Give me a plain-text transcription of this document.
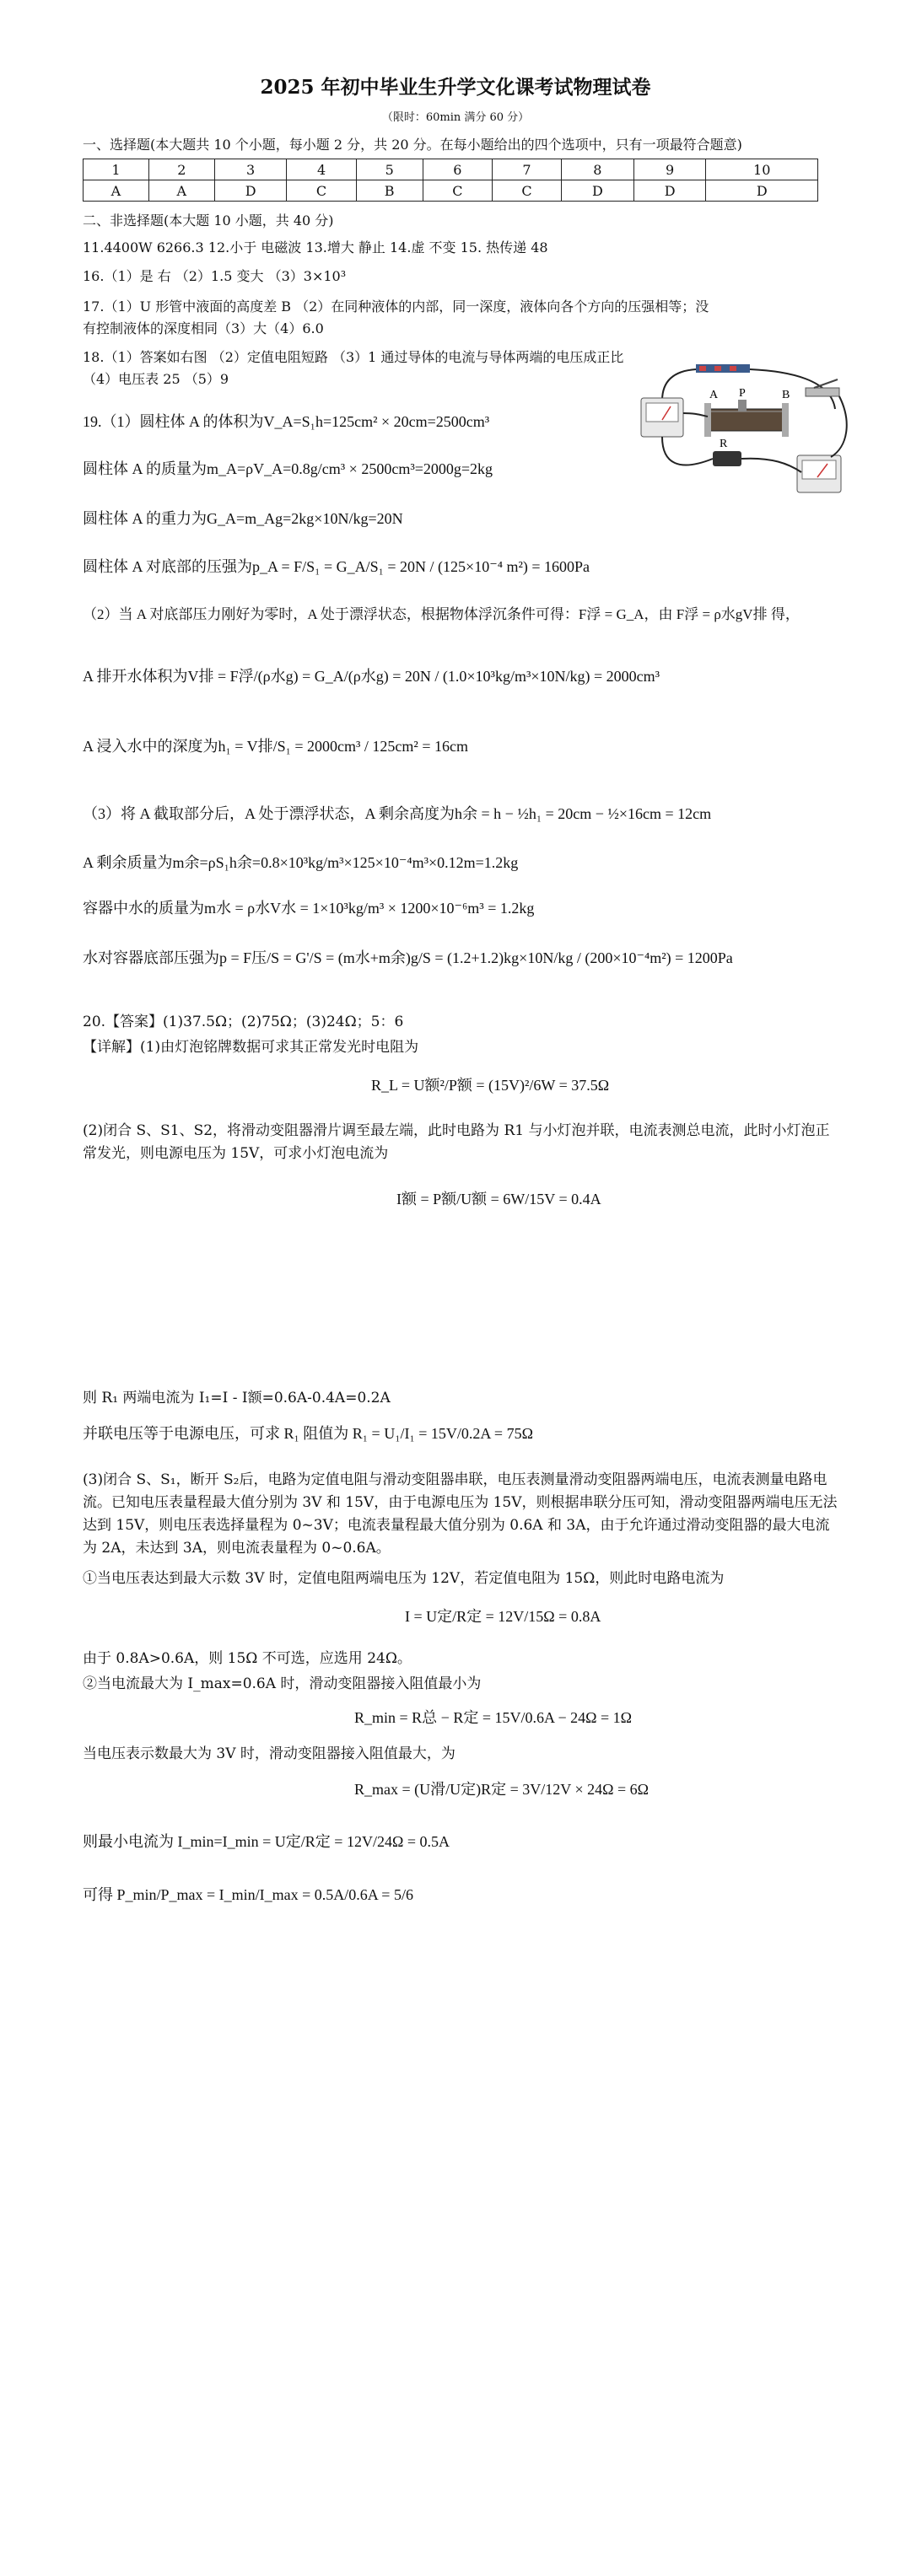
2025 年初中毕业生升学文化课考试物理试卷
（限时：60min 满分 60 分）
一、选择题(本大题共 10 个小题，每小题 2 分，共 20 分。在每小题给出的四个选项中，只有一项最符合题意)
1	2	3	4	5	6	7	8	9	10
A	A	D	C	B	C	C	D	D	D
二、非选择题(本大题 10 小题，共 40 分)
11.4400W 6266.3 12.小于 电磁波 13.增大 静止 14.虚 不变 15. 热传递 48
16.（1）是 右 （2）1.5 变大 （3）3×10³
17.（1）U 形管中液面的高度差 B （2）在同种液体的内部，同一深度，液体向各个方向的压强相等；没
有控制液体的深度相同（3）大（4）6.0
18.（1）答案如右图 （2）定值电阻短路 （3）1 通过导体的电流与导体两端的电压成正比
（4）电压表 25 （5）9
A P	B
R
19.（1）圆柱体 A 的体积为V_A=S₁h=125cm² × 20cm=2500cm³
圆柱体 A 的质量为m_A=ρV_A=0.8g/cm³ × 2500cm³=2000g=2kg
圆柱体 A 的重力为G_A=m_Ag=2kg×10N/kg=20N
圆柱体 A 对底部的压强为p_A = F/S₁ = G_A/S₁ = 20N / (125×10⁻⁴ m²) = 1600Pa
（2）当 A 对底部压力刚好为零时，A 处于漂浮状态，根据物体浮沉条件可得：F浮 = G_A，由 F浮 = ρ水gV排 得，
A 排开水体积为V排 = F浮/(ρ水g) = G_A/(ρ水g) = 20N / (1.0×10³kg/m³×10N/kg) = 2000cm³
A 浸入水中的深度为h₁ = V排/S₁ = 2000cm³ / 125cm² = 16cm
（3）将 A 截取部分后，A 处于漂浮状态，A 剩余高度为h余 = h − ½h₁ = 20cm − ½×16cm = 12cm
A 剩余质量为m余=ρS₁h余=0.8×10³kg/m³×125×10⁻⁴m³×0.12m=1.2kg
容器中水的质量为m水 = ρ水V水 = 1×10³kg/m³ × 1200×10⁻⁶m³ = 1.2kg
水对容器底部压强为p = F压/S = G'/S = (m水+m余)g/S = (1.2+1.2)kg×10N/kg / (200×10⁻⁴m²) = 1200Pa
20.【答案】(1)37.5Ω；(2)75Ω；(3)24Ω；5：6
【详解】(1)由灯泡铭牌数据可求其正常发光时电阻为
R_L = U额²/P额 = (15V)²/6W = 37.5Ω
(2)闭合 S、S1、S2，将滑动变阻器滑片调至最左端，此时电路为 R1 与小灯泡并联，电流表测总电流，此时小灯泡正常发光，则电源电压为 15V，可求小灯泡电流为
I额 = P额/U额 = 6W/15V = 0.4A
则 R₁ 两端电流为 I₁=I - I额=0.6A-0.4A=0.2A
并联电压等于电源电压，可求 R₁ 阻值为 R₁ = U₁/I₁ = 15V/0.2A = 75Ω
(3)闭合 S、S₁，断开 S₂后，电路为定值电阻与滑动变阻器串联，电压表测量滑动变阻器两端电压，电流表测量电路电流。已知电压表量程最大值分别为 3V 和 15V，由于电源电压为 15V，则根据串联分压可知，滑动变阻器两端电压无法达到 15V，则电压表选择量程为 0~3V；电流表量程最大值分别为 0.6A 和 3A，由于允许通过滑动变阻器的最大电流为 2A，未达到 3A，则电流表量程为 0~0.6A。
①当电压表达到最大示数 3V 时，定值电阻两端电压为 12V，若定值电阻为 15Ω，则此时电路电流为
I = U定/R定 = 12V/15Ω = 0.8A
由于 0.8A>0.6A，则 15Ω 不可选，应选用 24Ω。
②当电流最大为 I_max=0.6A 时，滑动变阻器接入阻值最小为
R_min = R总 − R定 = 15V/0.6A − 24Ω = 1Ω
当电压表示数最大为 3V 时，滑动变阻器接入阻值最大，为
R_max = (U滑/U定)R定 = 3V/12V × 24Ω = 6Ω
则最小电流为 I_min=I_min = U定/R定 = 12V/24Ω = 0.5A
可得 P_min/P_max = I_min/I_max = 0.5A/0.6A = 5/6
